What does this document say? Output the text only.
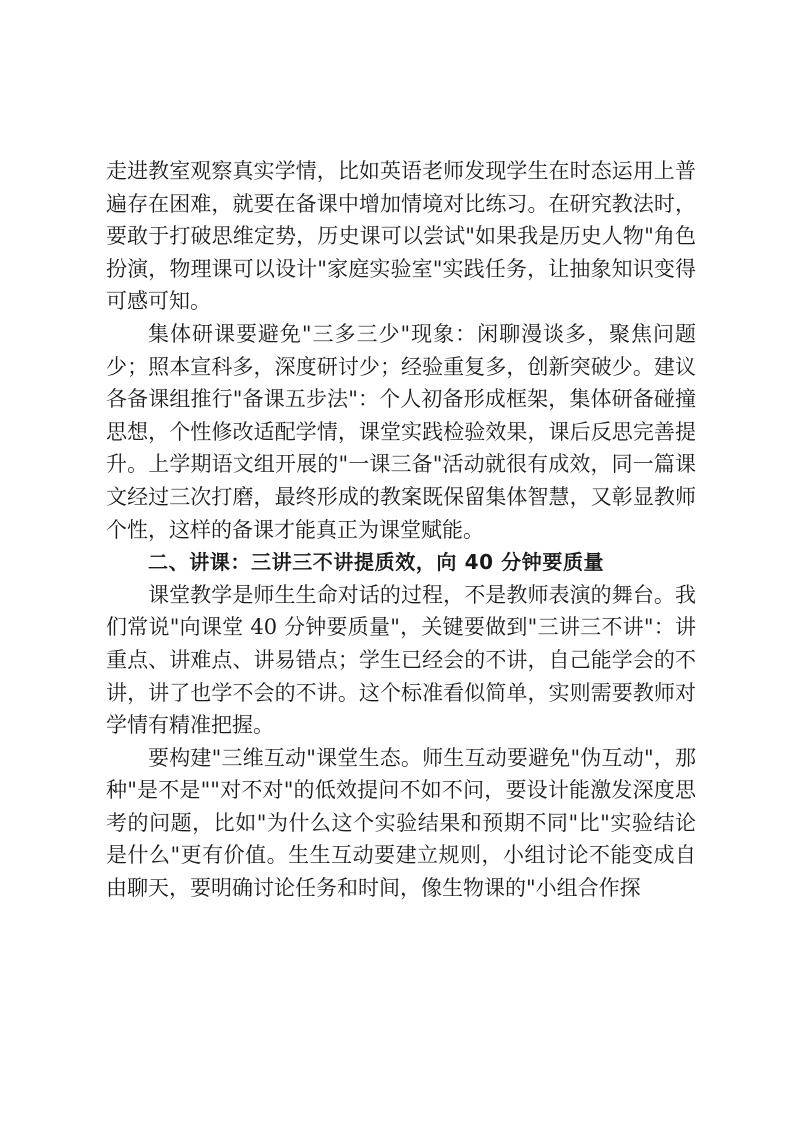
走进教室观察真实学情，比如英语老师发现学生在时态运用上普遍存在困难，就要在备课中增加情境对比练习。在研究教法时，要敢于打破思维定势，历史课可以尝试"如果我是历史人物"角色扮演，物理课可以设计"家庭实验室"实践任务，让抽象知识变得可感可知。

集体研课要避免"三多三少"现象：闲聊漫谈多，聚焦问题少；照本宣科多，深度研讨少；经验重复多，创新突破少。建议各备课组推行"备课五步法"：个人初备形成框架，集体研备碰撞思想，个性修改适配学情，课堂实践检验效果，课后反思完善提升。上学期语文组开展的"一课三备"活动就很有成效，同一篇课文经过三次打磨，最终形成的教案既保留集体智慧，又彰显教师个性，这样的备课才能真正为课堂赋能。

二、讲课：三讲三不讲提质效，向 40 分钟要质量

课堂教学是师生生命对话的过程，不是教师表演的舞台。我们常说"向课堂 40 分钟要质量"，关键要做到"三讲三不讲"：讲重点、讲难点、讲易错点；学生已经会的不讲，自己能学会的不讲，讲了也学不会的不讲。这个标准看似简单，实则需要教师对学情有精准把握。

要构建"三维互动"课堂生态。师生互动要避免"伪互动"，那种"是不是""对不对"的低效提问不如不问，要设计能激发深度思考的问题，比如"为什么这个实验结果和预期不同"比"实验结论是什么"更有价值。生生互动要建立规则，小组讨论不能变成自由聊天，要明确讨论任务和时间，像生物课的"小组合作探
